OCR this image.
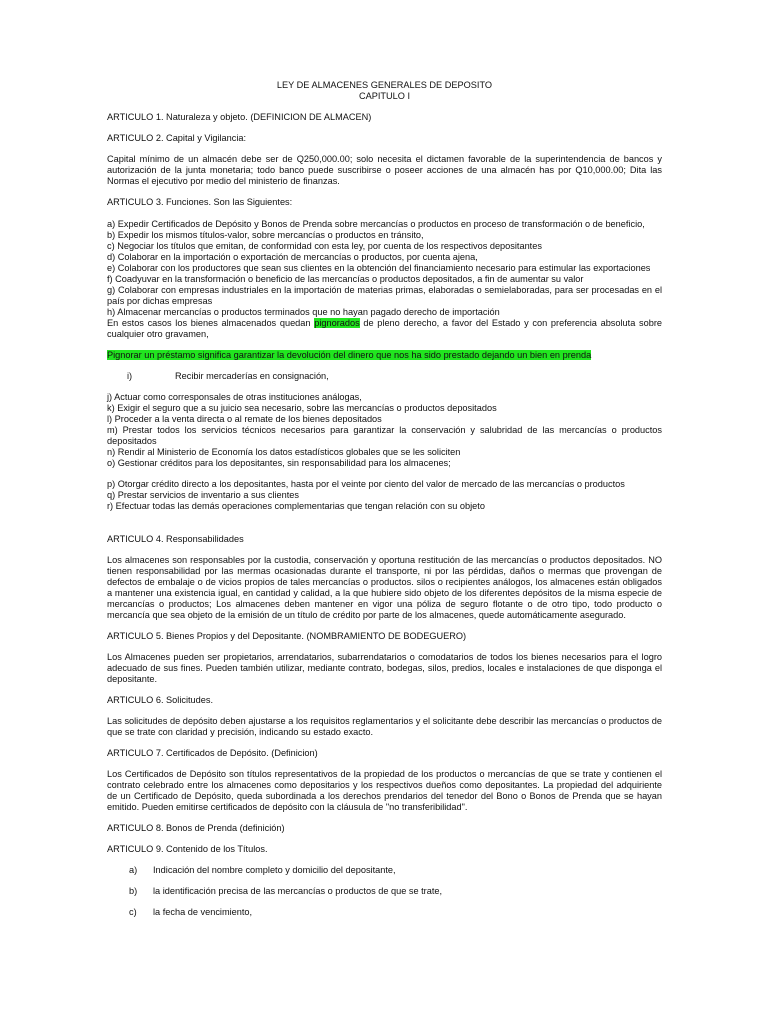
LEY DE ALMACENES GENERALES DE DEPOSITO

CAPITULO I

ARTICULO 1. Naturaleza y objeto. (DEFINICION DE ALMACEN)

ARTICULO 2. Capital y Vigilancia:

Capital mínimo de un almacén debe ser de Q250,000.00; solo necesita el dictamen favorable de la superintendencia de bancos y autorización de la junta monetaria; todo banco puede suscribirse o poseer acciones de una almacén has por Q10,000.00; Dita las Normas el ejecutivo por medio del ministerio de finanzas.

ARTICULO 3. Funciones. Son las Siguientes:

a) Expedir Certificados de Depósito y Bonos de Prenda sobre mercancías o productos en proceso de transformación o de beneficio,

b) Expedir los mismos títulos-valor, sobre mercancías o productos en tránsito,

c) Negociar los títulos que emitan, de conformidad con esta ley, por cuenta de los respectivos depositantes

d) Colaborar en la importación o exportación de mercancías o productos, por cuenta ajena,

e) Colaborar con los productores que sean sus clientes en la obtención del financiamiento necesario para estimular las exportaciones

f) Coadyuvar en la transformación o beneficio de las mercancías o productos depositados, a fin de aumentar su valor

g) Colaborar con empresas industriales en la importación de materias primas, elaboradas o semielaboradas, para ser procesadas en el país por dichas empresas

h) Almacenar mercancías o productos terminados que no hayan pagado derecho de importación

En estos casos los bienes almacenados quedan pignorados de pleno derecho, a favor del Estado y con preferencia absoluta sobre cualquier otro gravamen,

Pignorar un préstamo significa garantizar la devolución del dinero que nos ha sido prestado dejando un bien en prenda

i)	Recibir mercaderías en consignación,

j) Actuar como corresponsales de otras instituciones análogas,

k) Exigir el seguro que a su juicio sea necesario, sobre las mercancías o productos depositados

l) Proceder a la venta directa o al remate de los bienes depositados

m) Prestar todos los servicios técnicos necesarios para garantizar la conservación y salubridad de las mercancías o productos depositados

n) Rendir al Ministerio de Economía los datos estadísticos globales que se les soliciten

o) Gestionar créditos para los depositantes, sin responsabilidad para los almacenes;

p) Otorgar crédito directo a los depositantes, hasta por el veinte por ciento del valor de mercado de las mercancías o productos

q) Prestar servicios de inventario a sus clientes

r) Efectuar todas las demás operaciones complementarias que tengan relación con su objeto

ARTICULO 4. Responsabilidades

Los almacenes son responsables por la custodia, conservación y oportuna restitución de las mercancías o productos depositados. NO tienen responsabilidad por las mermas ocasionadas durante el transporte, ni por las pérdidas, daños o mermas que provengan de defectos de embalaje o de vicios propios de tales mercancías o productos. silos o recipientes análogos, los almacenes están obligados a mantener una existencia igual, en cantidad y calidad, a la que hubiere sido objeto de los diferentes depósitos de la misma especie de mercancías o productos; Los almacenes deben mantener en vigor una póliza de seguro flotante o de otro tipo, todo producto o mercancía que sea objeto de la emisión de un título de crédito por parte de los almacenes, quede automáticamente asegurado.

ARTICULO 5. Bienes Propios y del Depositante. (NOMBRAMIENTO DE BODEGUERO)

Los Almacenes pueden ser propietarios, arrendatarios, subarrendatarios o comodatarios de todos los bienes necesarios para el logro adecuado de sus fines. Pueden también utilizar, mediante contrato, bodegas, silos, predios, locales e instalaciones de que disponga el depositante.

ARTICULO 6. Solicitudes.

Las solicitudes de depósito deben ajustarse a los requisitos reglamentarios y el solicitante debe describir las mercancías o productos de que se trate con claridad y precisión, indicando su estado exacto.

ARTICULO 7. Certificados de Depósito. (Definicion)

Los Certificados de Depósito son títulos representativos de la propiedad de los productos o mercancías de que se trate y contienen el contrato celebrado entre los almacenes como depositarios y los respectivos dueños como depositantes. La propiedad del adquiriente de un Certificado de Depósito, queda subordinada a los derechos prendarios del tenedor del Bono o Bonos de Prenda que se hayan emitido. Pueden emitirse certificados de depósito con la cláusula de "no transferibilidad".

ARTICULO 8. Bonos de Prenda (definición)

ARTICULO 9. Contenido de los Títulos.

a)	Indicación del nombre completo y domicilio del depositante,
b)	la identificación precisa de las mercancías o productos de que se trate,
c)	la fecha de vencimiento,
